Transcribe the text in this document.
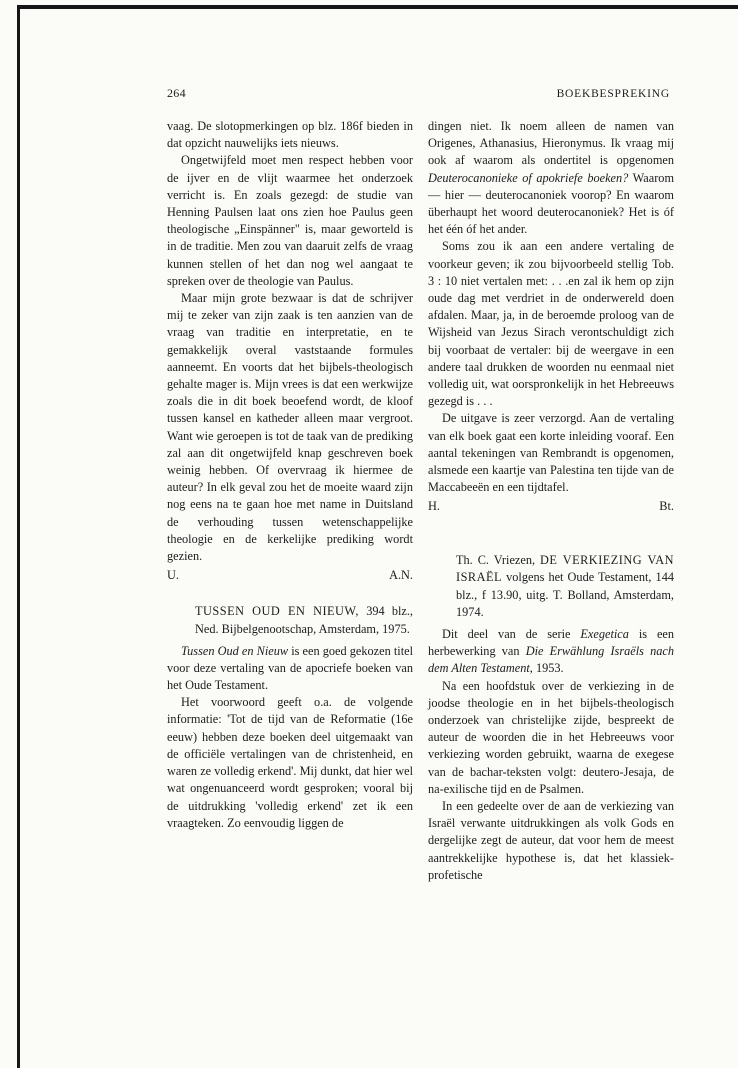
264	BOEKBESPREKING

vaag. De slotopmerkingen op blz. 186f bieden in dat opzicht nauwelijks iets nieuws.

Ongetwijfeld moet men respect hebben voor de ijver en de vlijt waarmee het onderzoek verricht is. En zoals gezegd: de studie van Henning Paulsen laat ons zien hoe Paulus geen theologische „Einspänner" is, maar geworteld is in de traditie. Men zou van daaruit zelfs de vraag kunnen stellen of het dan nog wel aangaat te spreken over de theologie van Paulus.

Maar mijn grote bezwaar is dat de schrijver mij te zeker van zijn zaak is ten aanzien van de vraag van traditie en interpretatie, en te gemakkelijk overal vaststaande formules aanneemt. En voorts dat het bijbels-theologisch gehalte mager is. Mijn vrees is dat een werkwijze zoals die in dit boek beoefend wordt, de kloof tussen kansel en katheder alleen maar vergroot. Want wie geroepen is tot de taak van de prediking zal aan dit ongetwijfeld knap geschreven boek weinig hebben. Of overvraag ik hiermee de auteur? In elk geval zou het de moeite waard zijn nog eens na te gaan hoe met name in Duitsland de verhouding tussen wetenschappelijke theologie en de kerkelijke prediking wordt gezien.

U.	A.N.
TUSSEN OUD EN NIEUW, 394 blz., Ned. Bijbelgenootschap, Amsterdam, 1975.

Tussen Oud en Nieuw is een goed gekozen titel voor deze vertaling van de apocriefe boeken van het Oude Testament.

Het voorwoord geeft o.a. de volgende informatie: 'Tot de tijd van de Reformatie (16e eeuw) hebben deze boeken deel uitgemaakt van de officiële vertalingen van de christenheid, en waren ze volledig erkend'. Mij dunkt, dat hier wel wat ongenuanceerd wordt gesproken; vooral bij de uitdrukking 'volledig erkend' zet ik een vraagteken. Zo eenvoudig liggen de

dingen niet. Ik noem alleen de namen van Origenes, Athanasius, Hieronymus. Ik vraag mij ook af waarom als ondertitel is opgenomen Deuterocanonieke of apokriefe boeken? Waarom — hier — deuterocanoniek voorop? En waarom überhaupt het woord deuterocanoniek? Het is óf het één óf het ander.

Soms zou ik aan een andere vertaling de voorkeur geven; ik zou bijvoorbeeld stellig Tob. 3 : 10 niet vertalen met: . . .en zal ik hem op zijn oude dag met verdriet in de onderwereld doen afdalen. Maar, ja, in de beroemde proloog van de Wijsheid van Jezus Sirach verontschuldigt zich bij voorbaat de vertaler: bij de weergave in een andere taal drukken de woorden nu eenmaal niet volledig uit, wat oorspronkelijk in het Hebreeuws gezegd is . . .

De uitgave is zeer verzorgd. Aan de vertaling van elk boek gaat een korte inleiding vooraf. Een aantal tekeningen van Rembrandt is opgenomen, alsmede een kaartje van Palestina ten tijde van de Maccabeeën en een tijdtafel.

H.	Bt.
Th. C. Vriezen, DE VERKIEZING VAN ISRAËL volgens het Oude Testament, 144 blz., f 13.90, uitg. T. Bolland, Amsterdam, 1974.

Dit deel van de serie Exegetica is een herbewerking van Die Erwählung Israëls nach dem Alten Testament, 1953.

Na een hoofdstuk over de verkiezing in de joodse theologie en in het bijbels-theologisch onderzoek van christelijke zijde, bespreekt de auteur de woorden die in het Hebreeuws voor verkiezing worden gebruikt, waarna de exegese van de bachar-teksten volgt: deutero-Jesaja, de na-exilische tijd en de Psalmen.

In een gedeelte over de aan de verkiezing van Israël verwante uitdrukkingen als volk Gods en dergelijke zegt de auteur, dat voor hem de meest aantrekkelijke hypothese is, dat het klassiek-profetische
